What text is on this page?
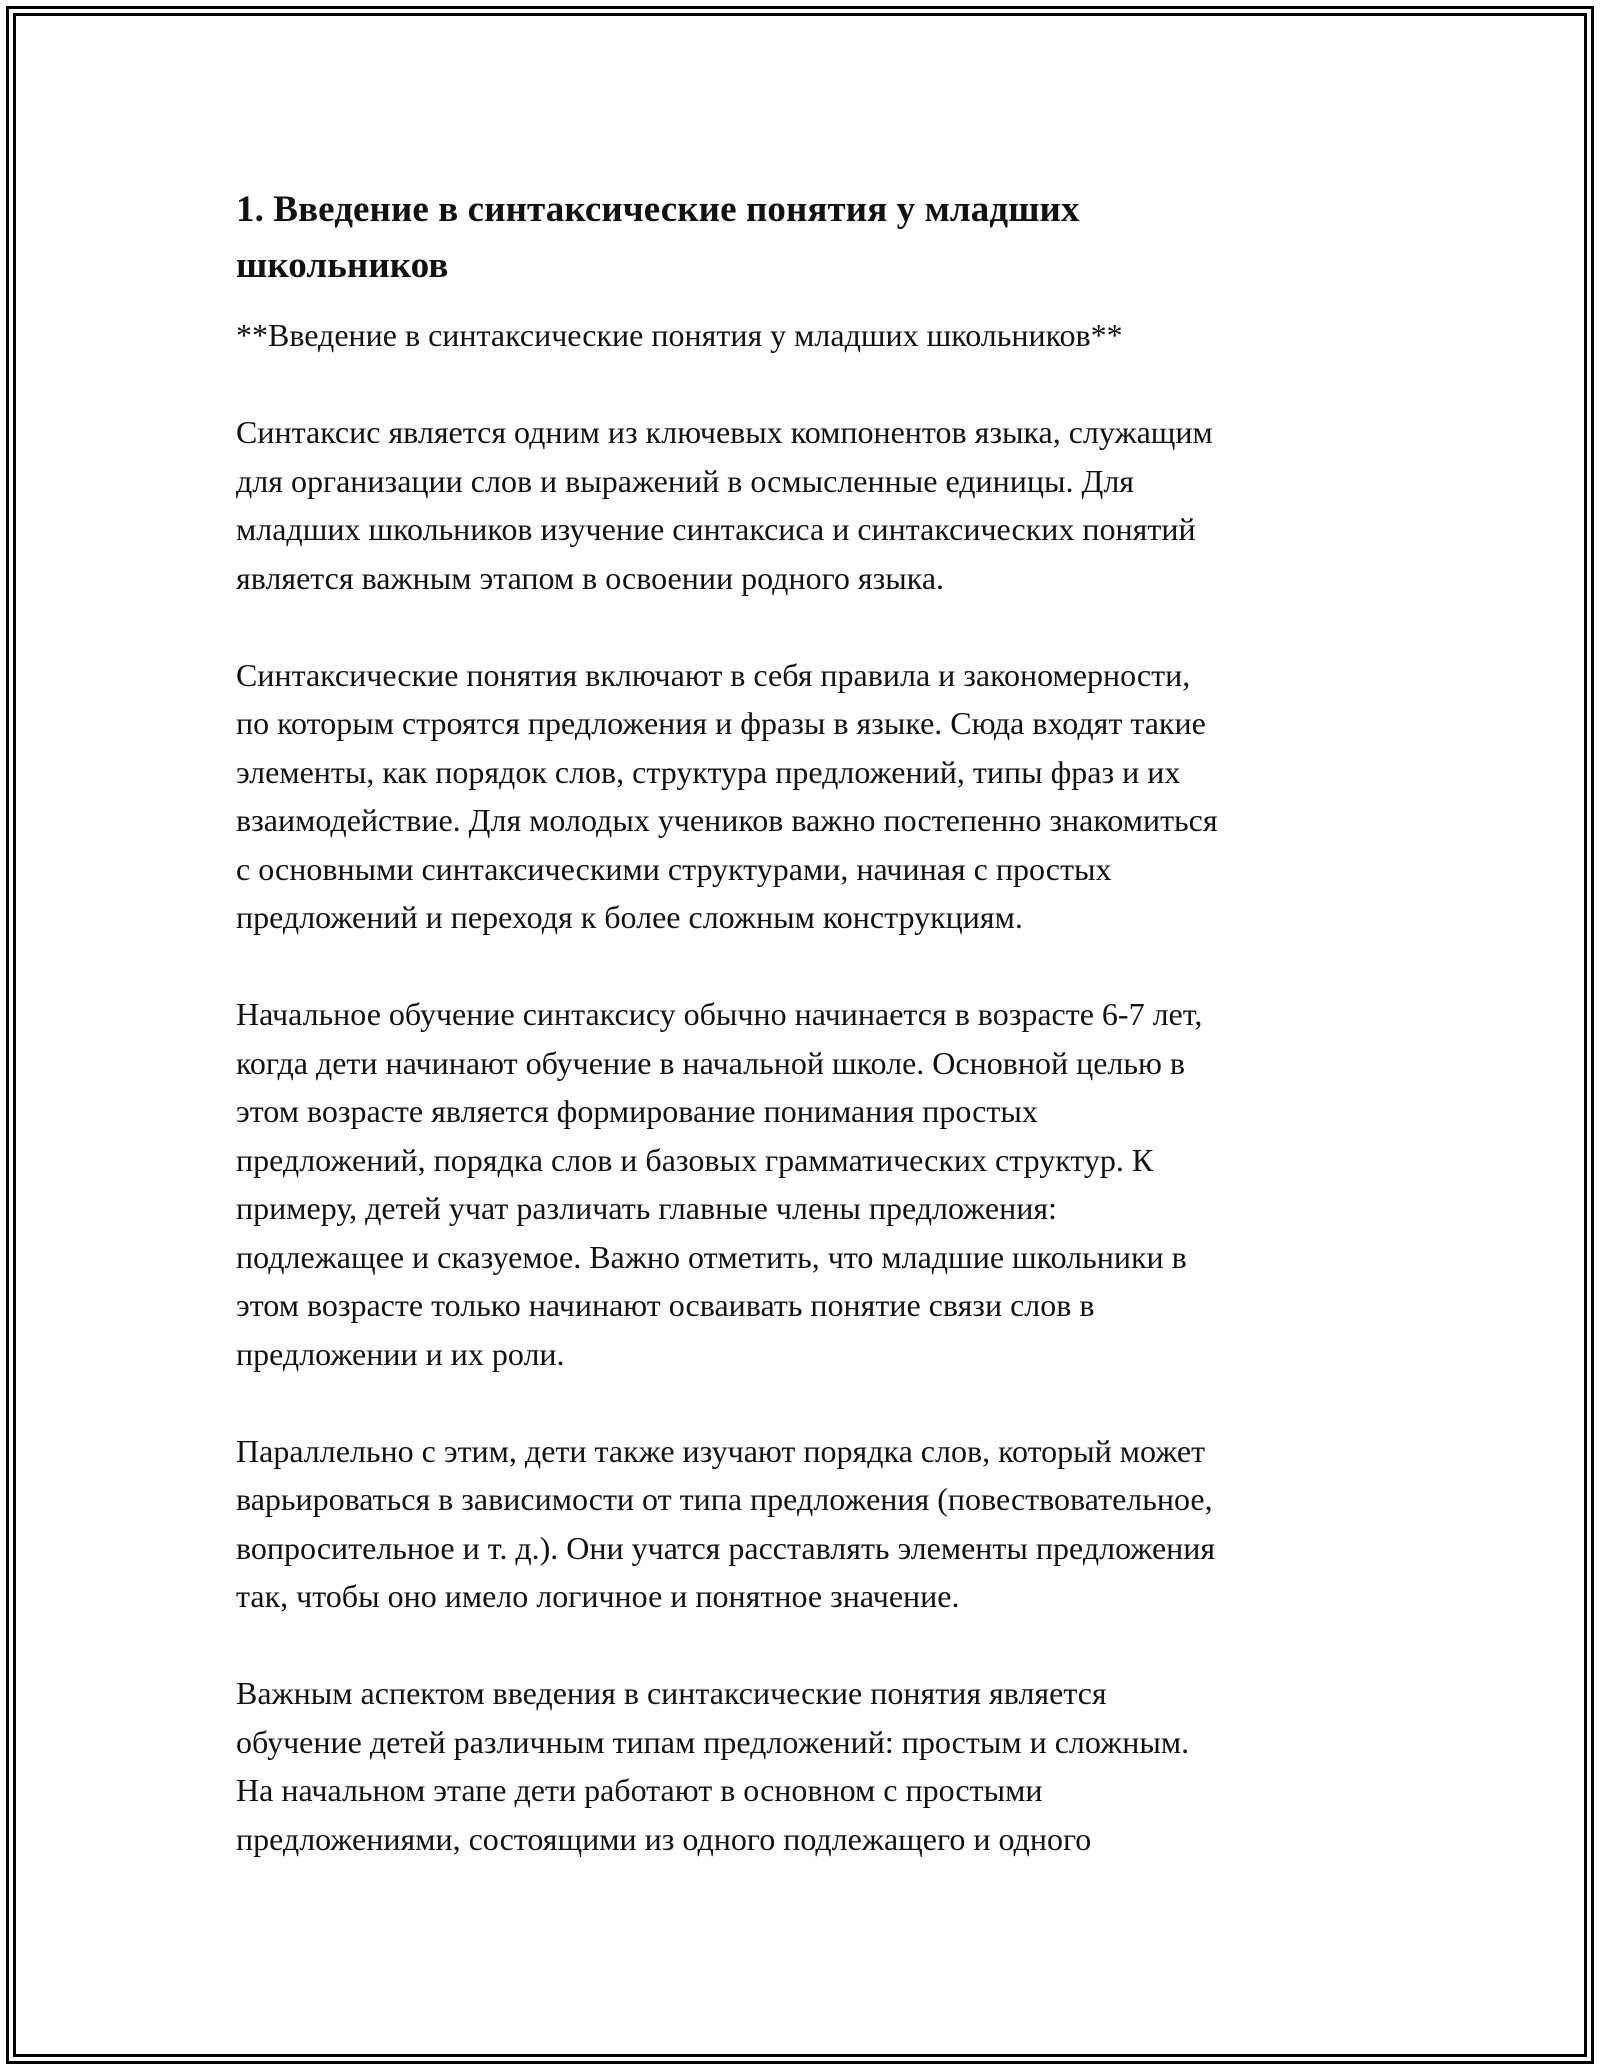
1. Введение в синтаксические понятия у младших
школьников

**Введение в синтаксические понятия у младших школьников**

Синтаксис является одним из ключевых компонентов языка, служащим
для организации слов и выражений в осмысленные единицы. Для
младших школьников изучение синтаксиса и синтаксических понятий
является важным этапом в освоении родного языка.

Синтаксические понятия включают в себя правила и закономерности,
по которым строятся предложения и фразы в языке. Сюда входят такие
элементы, как порядок слов, структура предложений, типы фраз и их
взаимодействие. Для молодых учеников важно постепенно знакомиться
с основными синтаксическими структурами, начиная с простых
предложений и переходя к более сложным конструкциям.

Начальное обучение синтаксису обычно начинается в возрасте 6-7 лет,
когда дети начинают обучение в начальной школе. Основной целью в
этом возрасте является формирование понимания простых
предложений, порядка слов и базовых грамматических структур. К
примеру, детей учат различать главные члены предложения:
подлежащее и сказуемое. Важно отметить, что младшие школьники в
этом возрасте только начинают осваивать понятие связи слов в
предложении и их роли.

Параллельно с этим, дети также изучают порядка слов, который может
варьироваться в зависимости от типа предложения (повествовательное,
вопросительное и т. д.). Они учатся расставлять элементы предложения
так, чтобы оно имело логичное и понятное значение.

Важным аспектом введения в синтаксические понятия является
обучение детей различным типам предложений: простым и сложным.
На начальном этапе дети работают в основном с простыми
предложениями, состоящими из одного подлежащего и одного
